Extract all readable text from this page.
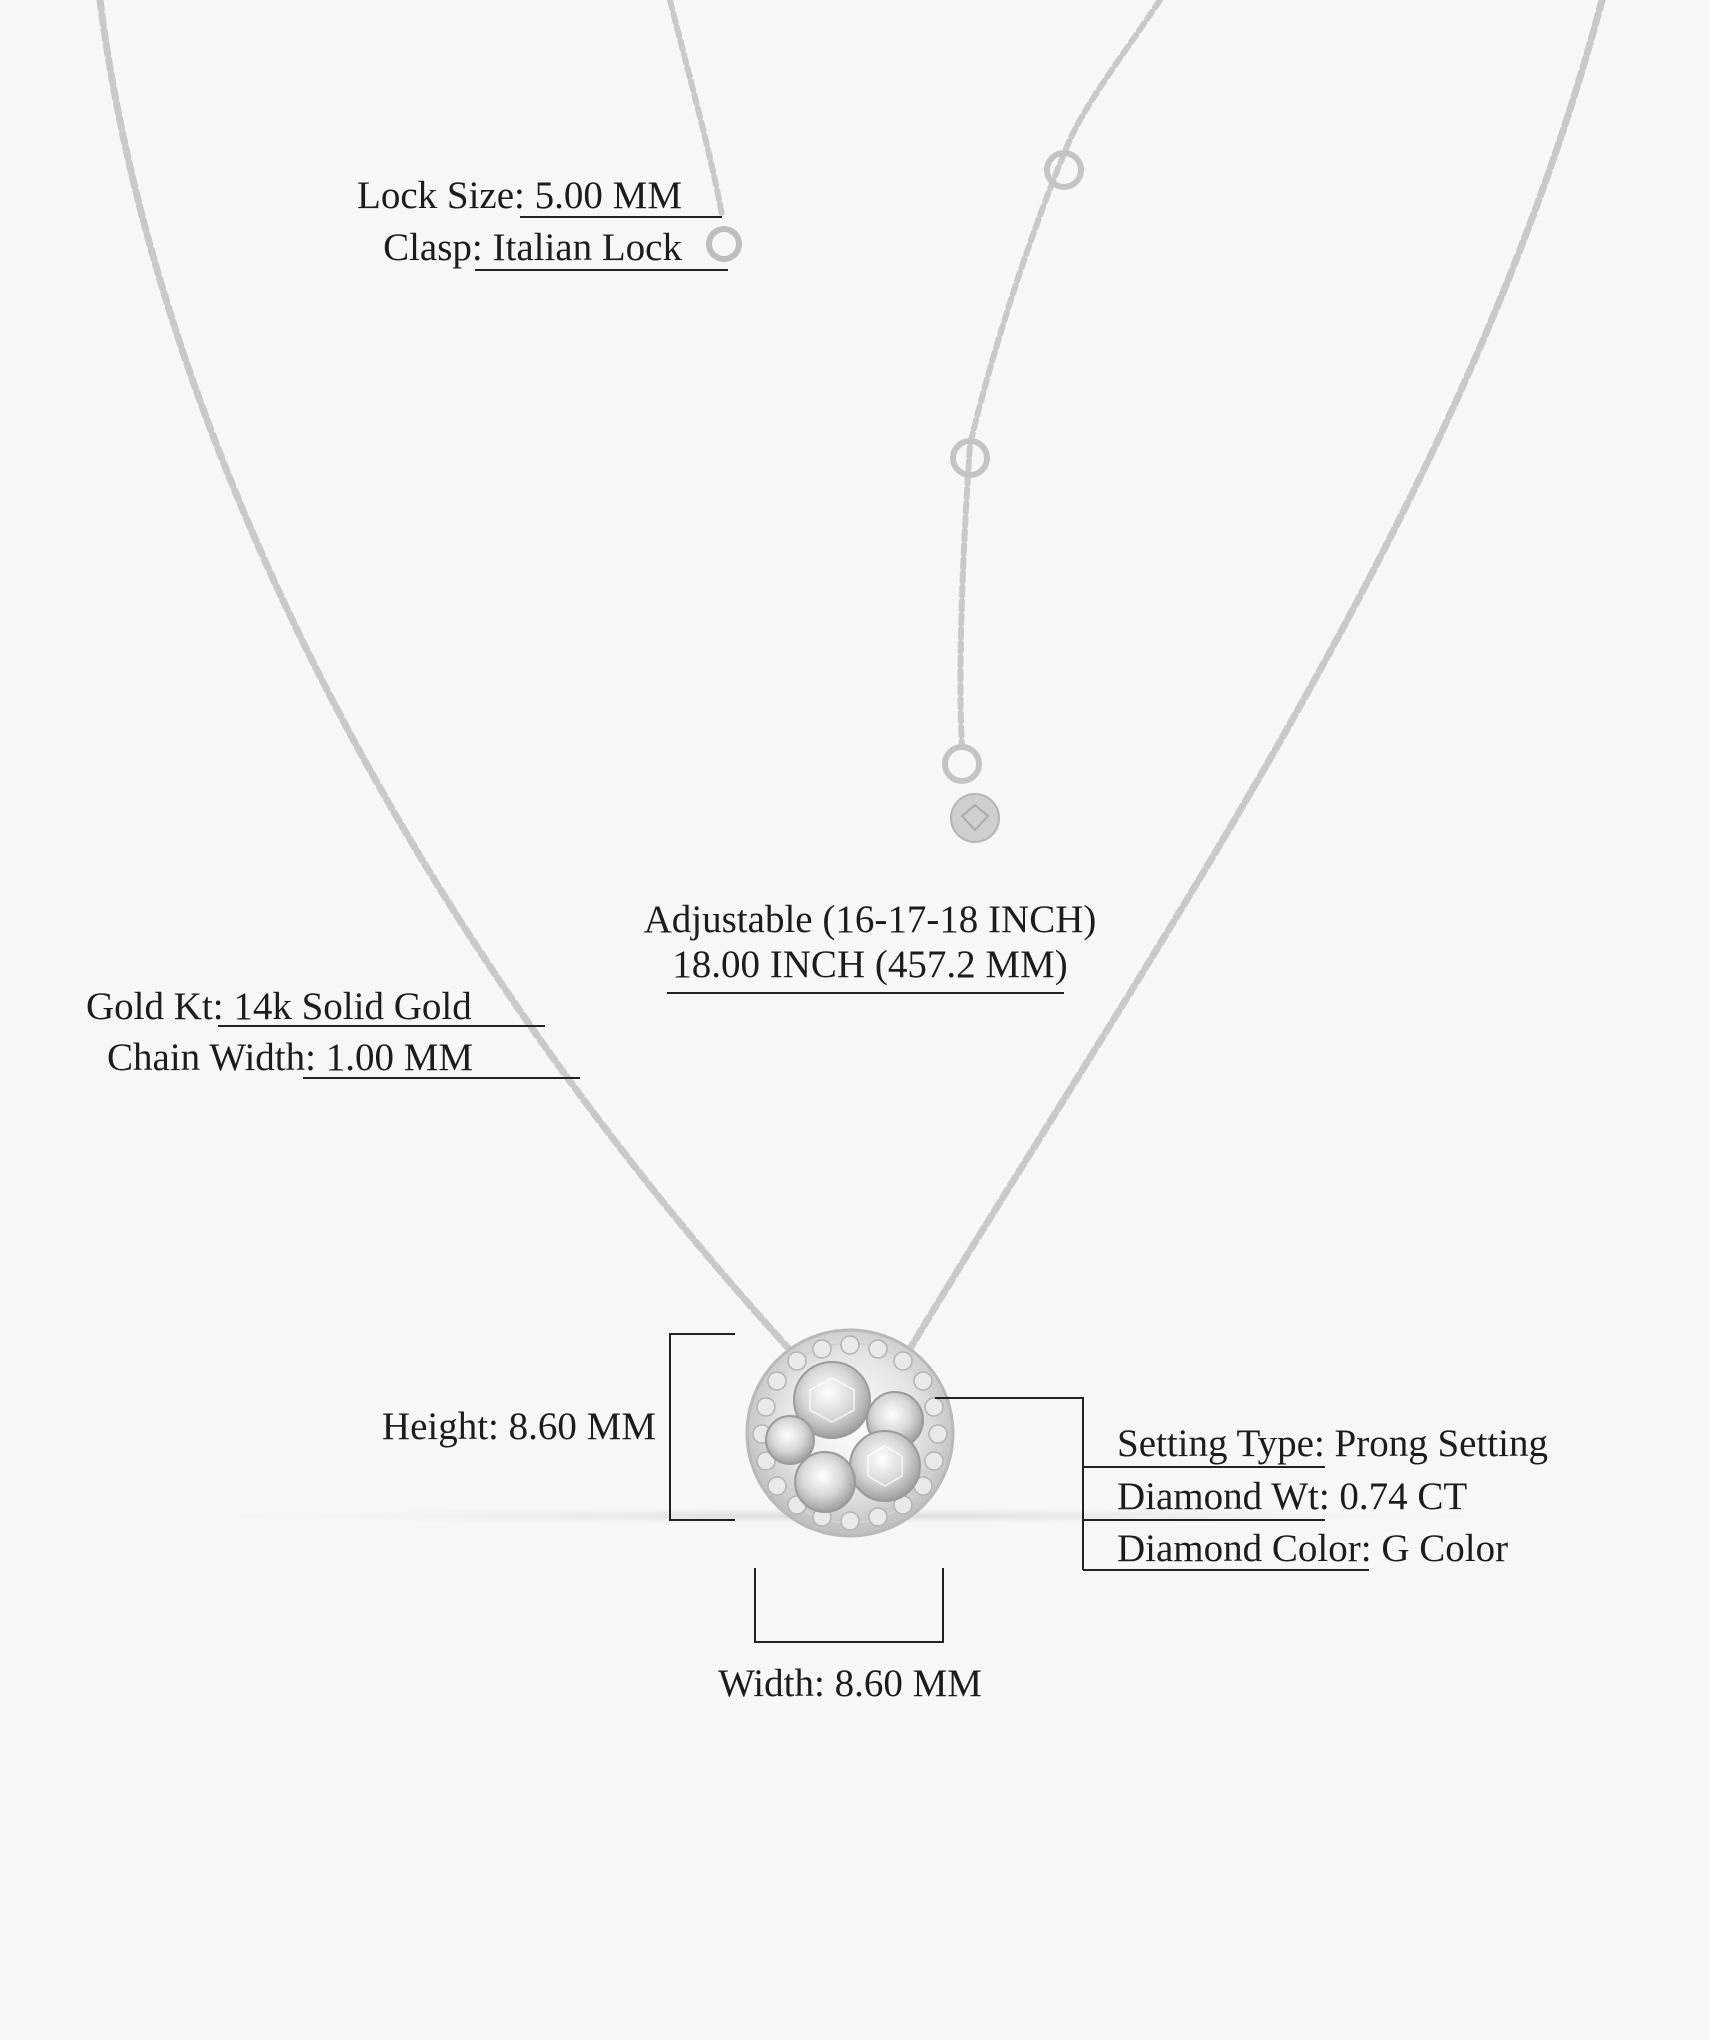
Lock Size: 5.00 MM
Clasp: Italian Lock
Adjustable (16-17-18 INCH)
18.00 INCH (457.2 MM)
Gold Kt: 14k Solid Gold
Chain Width: 1.00 MM
Height: 8.60 MM
Width: 8.60 MM
Setting Type: Prong Setting
Diamond Wt: 0.74 CT
Diamond Color: G Color
